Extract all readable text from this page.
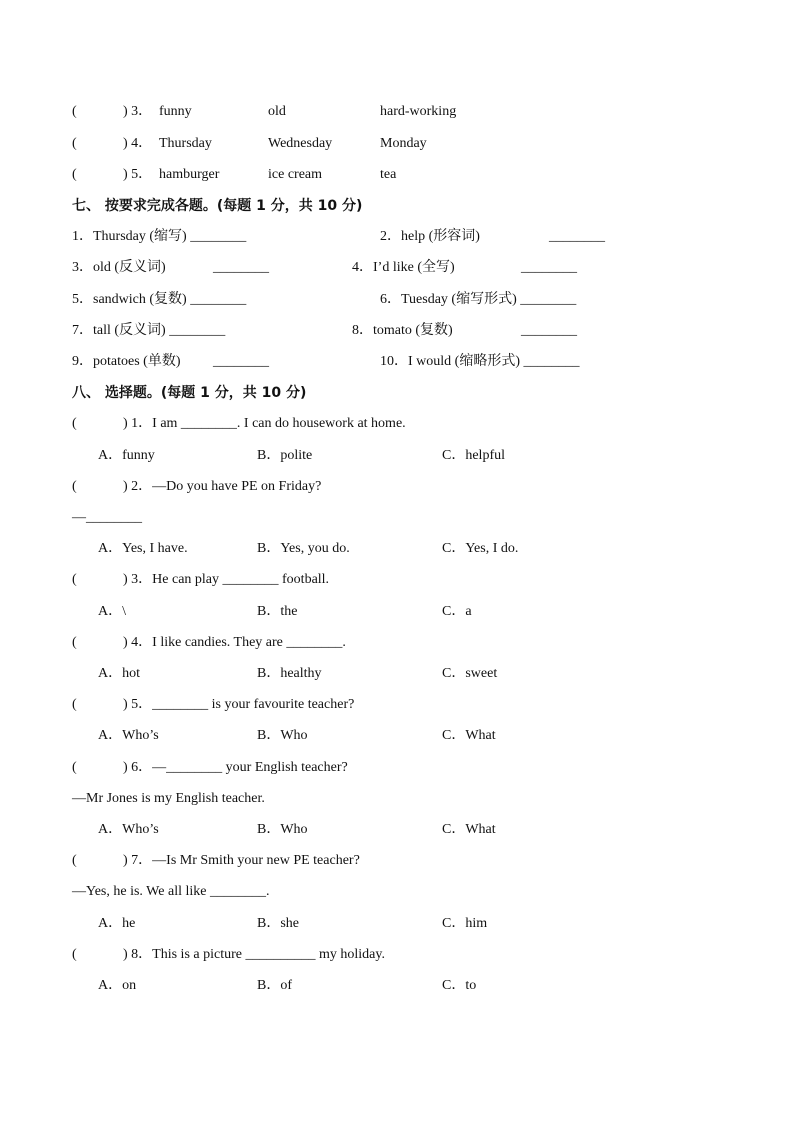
(	) 3． funny	old	hard-working
(	) 4． Thursday	Wednesday	Monday
(	) 5． hamburger	ice cream	tea
七、 按要求完成各题。(每题 1 分，共 10 分)
1．Thursday (缩写) ________	2．help (形容词)	________
3．old (反义词)	________	4．I’d like (全写)	________
5．sandwich (复数) ________	6．Tuesday (缩写形式) ________
7．tall (反义词) ________	8．tomato (复数)	________
9．potatoes (单数) ________	10．I would (缩略形式) ________
八、 选择题。(每题 1 分，共 10 分)
(	) 1．I am ________. I can do housework at home.
A．funny	B．polite	C．helpful
(	) 2．—Do you have PE on Friday?
—________
A．Yes, I have.	B．Yes, you do.	C．Yes, I do.
(	) 3．He can play ________ football.
A．\	B．the	C．a
(	) 4．I like candies. They are ________.
A．hot	B．healthy	C．sweet
(	) 5．________ is your favourite teacher?
A．Who’s	B．Who	C．What
(	) 6．—________ your English teacher?
—Mr Jones is my English teacher.
A．Who’s	B．Who	C．What
(	) 7．—Is Mr Smith your new PE teacher?
—Yes, he is. We all like ________.
A．he	B．she	C．him
(	) 8．This is a picture __________ my holiday.
A．on	B．of	C．to
